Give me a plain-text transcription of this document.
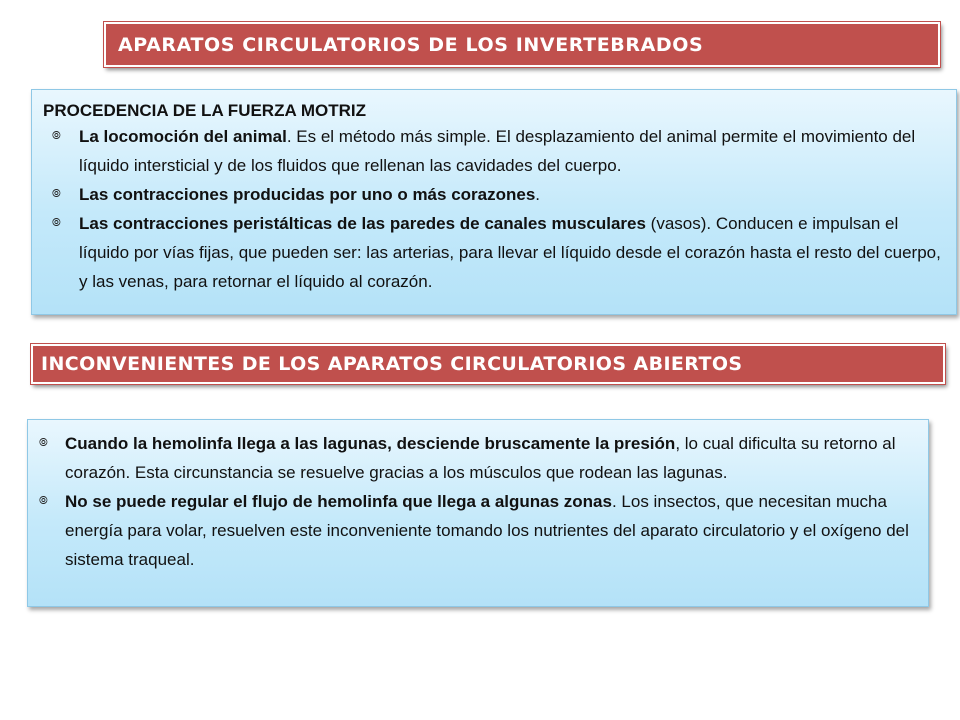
APARATOS CIRCULATORIOS DE LOS INVERTEBRADOS
PROCEDENCIA DE LA FUERZA MOTRIZ
⦾ La locomoción del animal. Es el método más simple. El desplazamiento del animal permite el movimiento del líquido intersticial y de los fluidos que rellenan las cavidades del cuerpo.
⦾ Las contracciones producidas por uno o más corazones.
⦾ Las contracciones peristálticas de las paredes de canales musculares (vasos). Conducen e impulsan el líquido por vías fijas, que pueden ser: las arterias, para llevar el líquido desde el corazón hasta el resto del cuerpo, y las venas, para retornar el líquido al corazón.
INCONVENIENTES DE LOS APARATOS CIRCULATORIOS ABIERTOS
⦾ Cuando la hemolinfa llega a las lagunas, desciende bruscamente la presión, lo cual dificulta su retorno al corazón. Esta circunstancia se resuelve gracias a los músculos que rodean las lagunas.
⦾ No se puede regular el flujo de hemolinfa que llega a algunas zonas. Los insectos, que necesitan mucha energía para volar, resuelven este inconveniente tomando los nutrientes del aparato circulatorio y el oxígeno del sistema traqueal.
